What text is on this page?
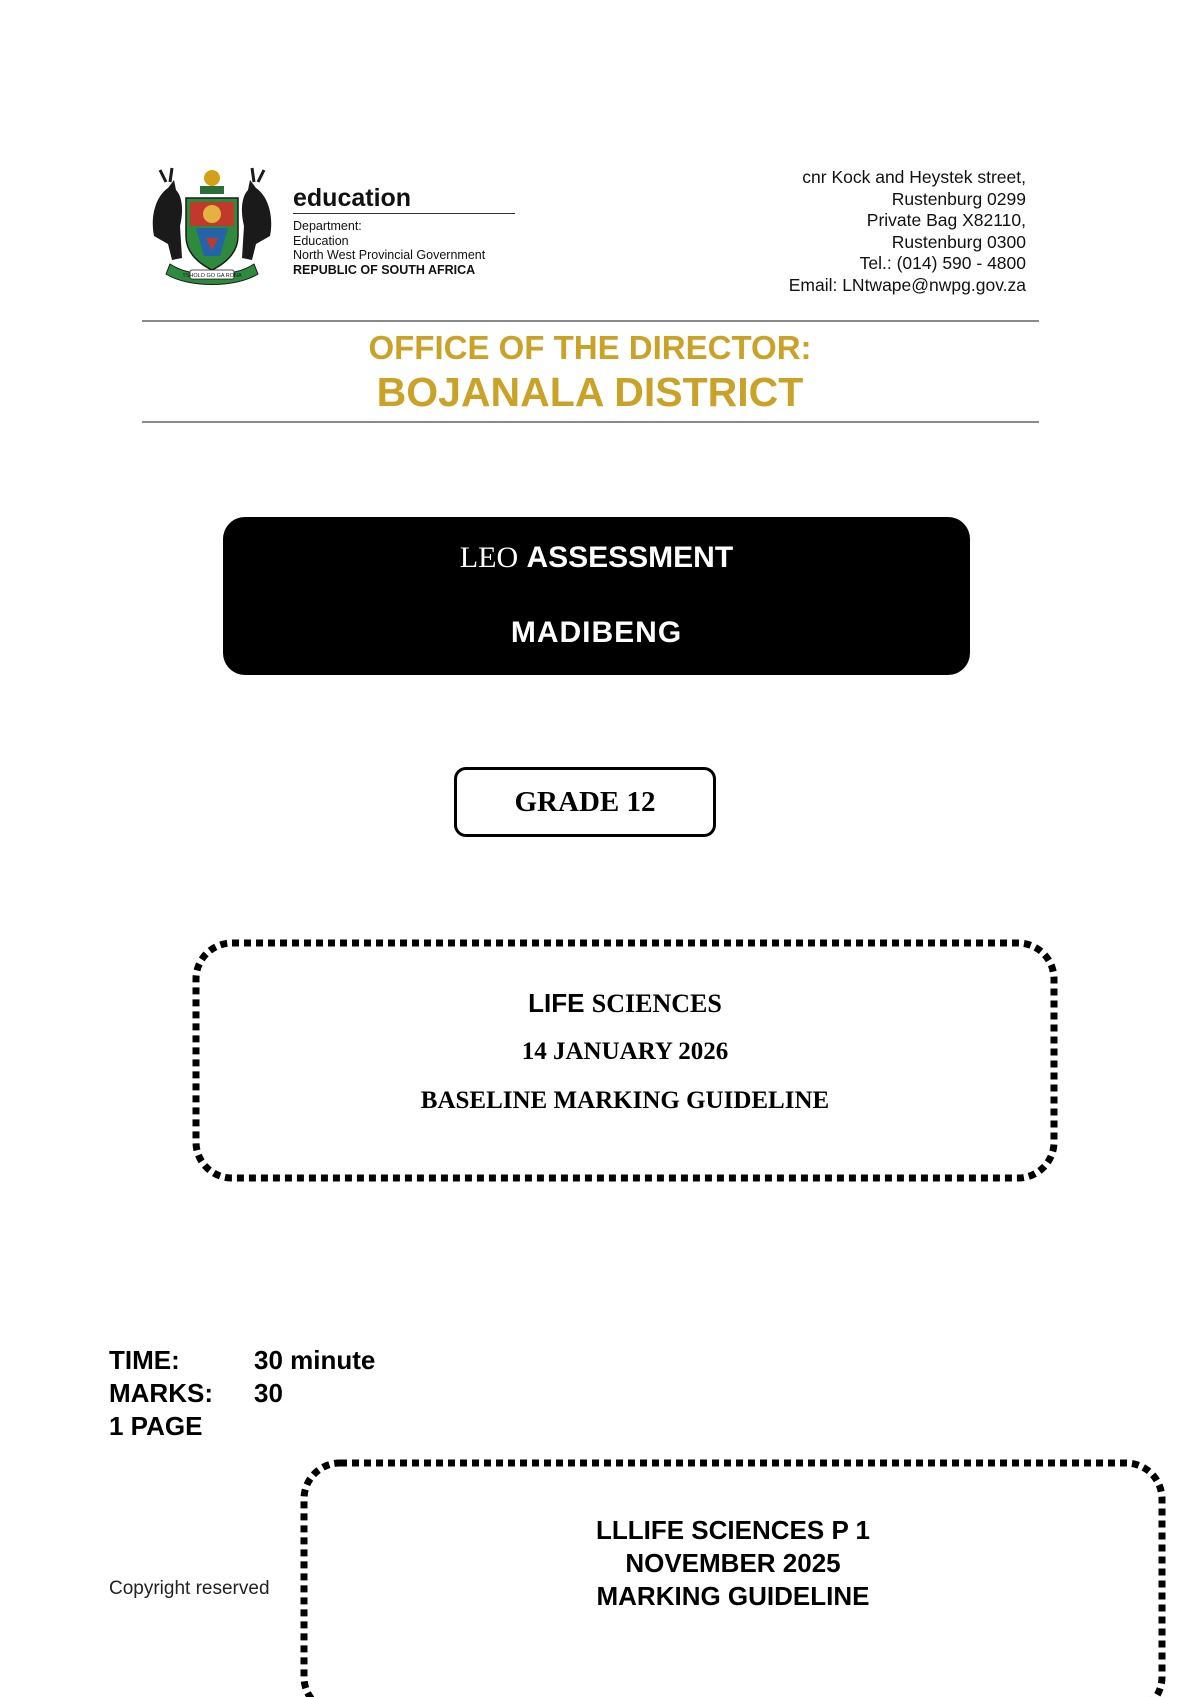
TSHOLO GO GA RONA
education
Department:
Education
North West Provincial Government
REPUBLIC OF SOUTH AFRICA
cnr Kock and Heystek street,
Rustenburg 0299
Private Bag X82110,
Rustenburg 0300
Tel.: (014) 590 - 4800
Email: LNtwape@nwpg.gov.za
OFFICE OF THE DIRECTOR:
BOJANALA DISTRICT
LEO ASSESSMENT
MADIBENG
GRADE 12
LIFE SCIENCES
14 JANUARY 2026
BASELINE MARKING GUIDELINE
TIME:	30 minute
MARKS: 30
1 PAGE
Copyright reserved
LLLIFE SCIENCES P 1
NOVEMBER 2025
MARKING GUIDELINE
